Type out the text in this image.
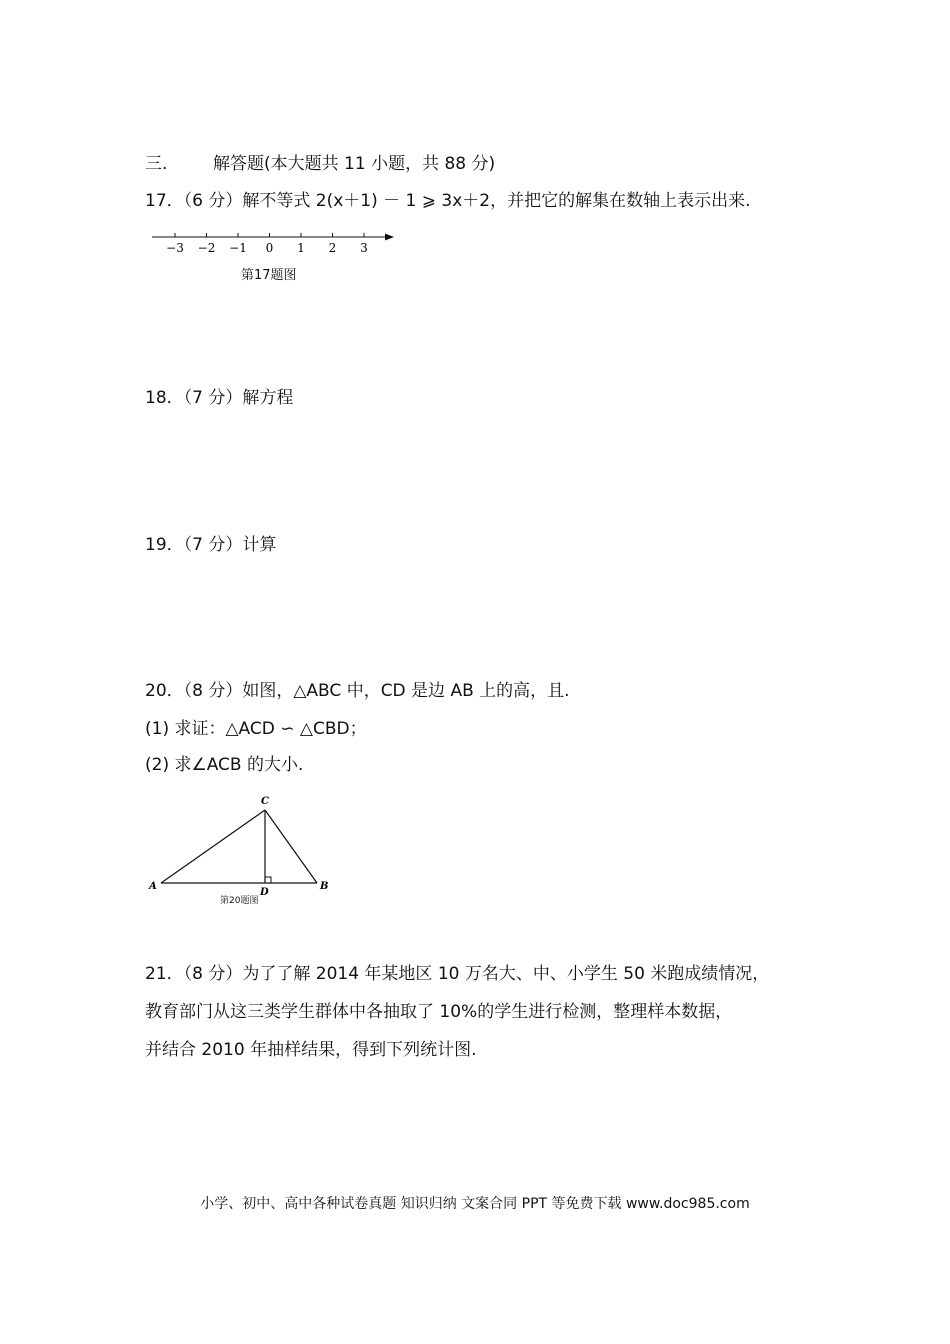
三.	解答题(本大题共 11 小题，共 88 分)
17．（6 分）解不等式 2(x＋1) － 1 ⩾ 3x＋2，并把它的解集在数轴上表示出来.
−3 −2 −1 0 1 2 3
第17题图
18．（7 分）解方程
19．（7 分）计算
20．（8 分）如图，△ABC 中，CD 是边 AB 上的高，且.
(1) 求证：△ACD ∽ △CBD；
(2) 求∠ACB 的大小.
C
A	B
D
第20题图
21．（8 分）为了了解 2014 年某地区 10 万名大、中、小学生 50 米跑成绩情况，
教育部门从这三类学生群体中各抽取了 10%的学生进行检测，整理样本数据，
并结合 2010 年抽样结果，得到下列统计图.
小学、初中、高中各种试卷真题 知识归纳 文案合同 PPT 等免费下载 www.doc985.com
